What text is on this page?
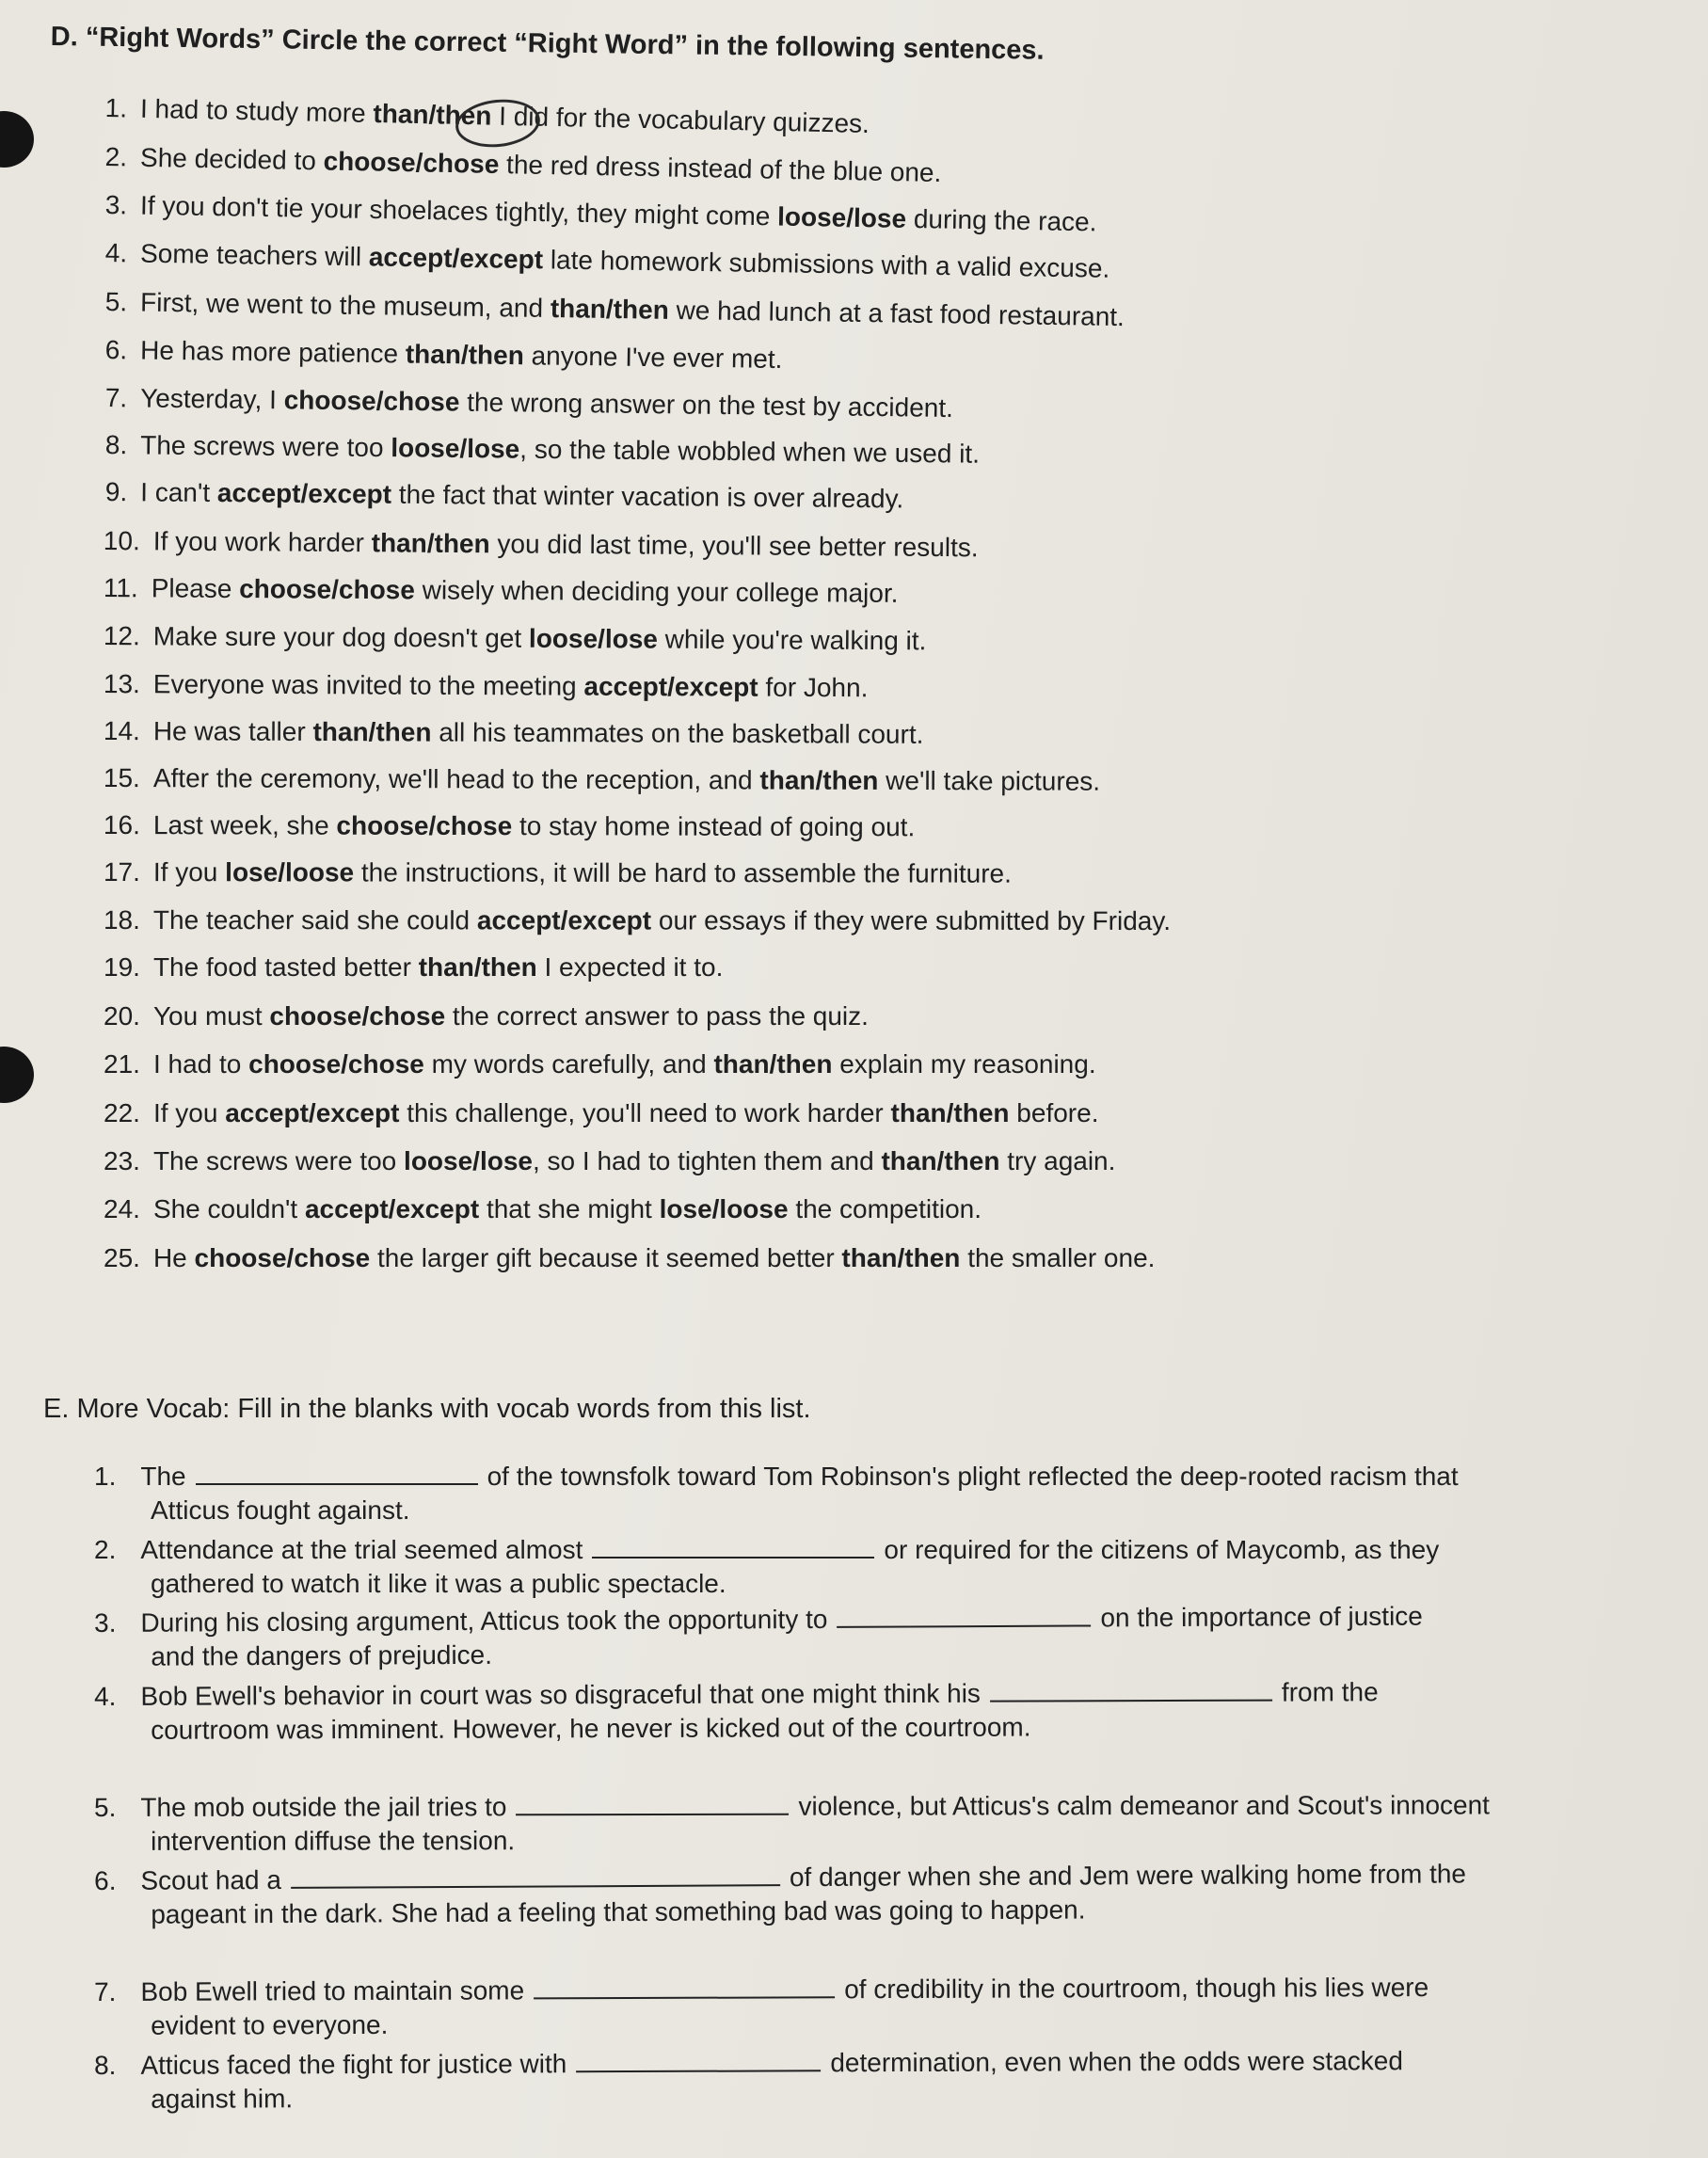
D. “Right Words” Circle the correct “Right Word” in the following sentences.
1. I had to study more than/then I did for the vocabulary quizzes.
2. She decided to choose/chose the red dress instead of the blue one.
3. If you don't tie your shoelaces tightly, they might come loose/lose during the race.
4. Some teachers will accept/except late homework submissions with a valid excuse.
5. First, we went to the museum, and than/then we had lunch at a fast food restaurant.
6. He has more patience than/then anyone I've ever met.
7. Yesterday, I choose/chose the wrong answer on the test by accident.
8. The screws were too loose/lose, so the table wobbled when we used it.
9. I can't accept/except the fact that winter vacation is over already.
10. If you work harder than/then you did last time, you'll see better results.
11. Please choose/chose wisely when deciding your college major.
12. Make sure your dog doesn't get loose/lose while you're walking it.
13. Everyone was invited to the meeting accept/except for John.
14. He was taller than/then all his teammates on the basketball court.
15. After the ceremony, we'll head to the reception, and than/then we'll take pictures.
16. Last week, she choose/chose to stay home instead of going out.
17. If you lose/loose the instructions, it will be hard to assemble the furniture.
18. The teacher said she could accept/except our essays if they were submitted by Friday.
19. The food tasted better than/then I expected it to.
20. You must choose/chose the correct answer to pass the quiz.
21. I had to choose/chose my words carefully, and than/then explain my reasoning.
22. If you accept/except this challenge, you'll need to work harder than/then before.
23. The screws were too loose/lose, so I had to tighten them and than/then try again.
24. She couldn't accept/except that she might lose/loose the competition.
25. He choose/chose the larger gift because it seemed better than/then the smaller one.
E. More Vocab: Fill in the blanks with vocab words from this list.
1. The	of the townsfolk toward Tom Robinson's plight reflected the deep-rooted racism that
Atticus fought against.
2. Attendance at the trial seemed almost	or required for the citizens of Maycomb, as they
gathered to watch it like it was a public spectacle.
3. During his closing argument, Atticus took the opportunity to	on the importance of justice
and the dangers of prejudice.
4. Bob Ewell's behavior in court was so disgraceful that one might think his	from the
courtroom was imminent. However, he never is kicked out of the courtroom.
5. The mob outside the jail tries to	violence, but Atticus's calm demeanor and Scout's innocent
intervention diffuse the tension.
6. Scout had a	of danger when she and Jem were walking home from the
pageant in the dark. She had a feeling that something bad was going to happen.
7. Bob Ewell tried to maintain some	of credibility in the courtroom, though his lies were
evident to everyone.
8. Atticus faced the fight for justice with	determination, even when the odds were stacked
against him.
